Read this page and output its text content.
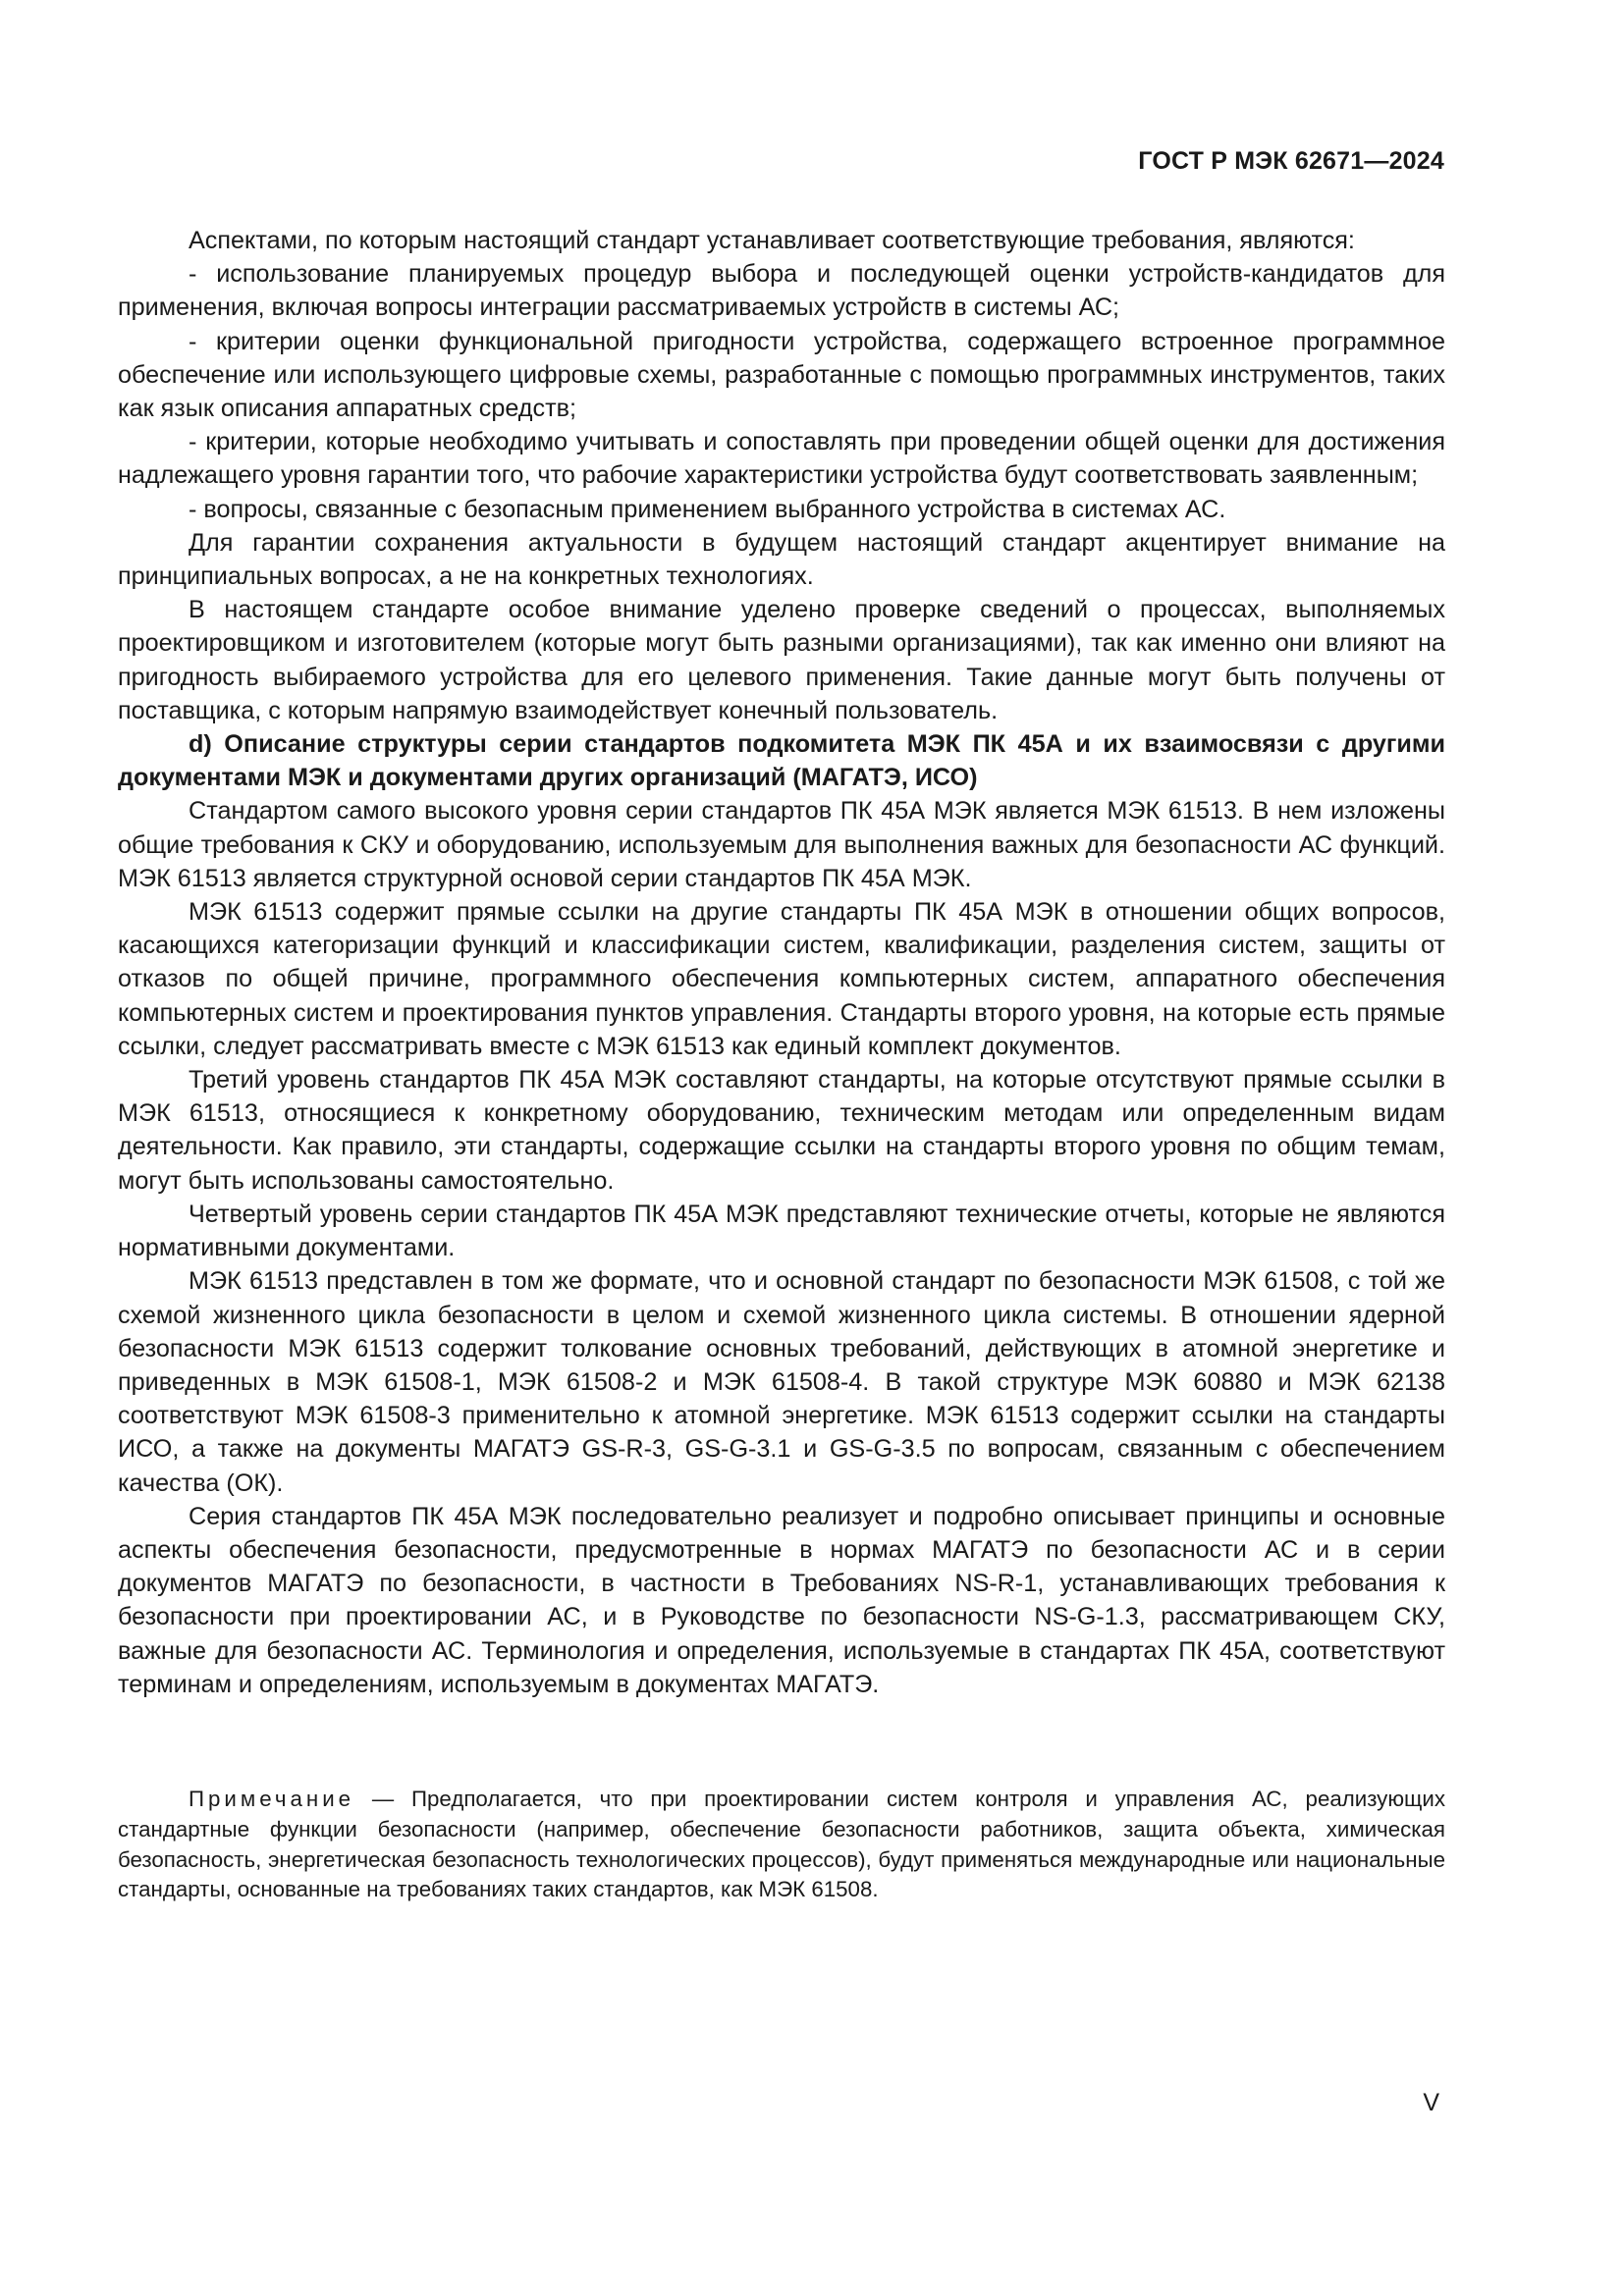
ГОСТ Р МЭК 62671—2024

Аспектами, по которым настоящий стандарт устанавливает соответствующие требования, являются:

- использование планируемых процедур выбора и последующей оценки устройств-кандидатов для применения, включая вопросы интеграции рассматриваемых устройств в системы АС;

- критерии оценки функциональной пригодности устройства, содержащего встроенное программное обеспечение или использующего цифровые схемы, разработанные с помощью программных инструментов, таких как язык описания аппаратных средств;

- критерии, которые необходимо учитывать и сопоставлять при проведении общей оценки для достижения надлежащего уровня гарантии того, что рабочие характеристики устройства будут соответствовать заявленным;

- вопросы, связанные с безопасным применением выбранного устройства в системах АС.

Для гарантии сохранения актуальности в будущем настоящий стандарт акцентирует внимание на принципиальных вопросах, а не на конкретных технологиях.

В настоящем стандарте особое внимание уделено проверке сведений о процессах, выполняемых проектировщиком и изготовителем (которые могут быть разными организациями), так как именно они влияют на пригодность выбираемого устройства для его целевого применения. Такие данные могут быть получены от поставщика, с которым напрямую взаимодействует конечный пользователь.

d) Описание структуры серии стандартов подкомитета МЭК ПК 45А и их взаимосвязи с другими документами МЭК и документами других организаций (МАГАТЭ, ИСО)

Стандартом самого высокого уровня серии стандартов ПК 45А МЭК является МЭК 61513. В нем изложены общие требования к СКУ и оборудованию, используемым для выполнения важных для безопасности АС функций. МЭК 61513 является структурной основой серии стандартов ПК 45А МЭК.

МЭК 61513 содержит прямые ссылки на другие стандарты ПК 45А МЭК в отношении общих вопросов, касающихся категоризации функций и классификации систем, квалификации, разделения систем, защиты от отказов по общей причине, программного обеспечения компьютерных систем, аппаратного обеспечения компьютерных систем и проектирования пунктов управления. Стандарты второго уровня, на которые есть прямые ссылки, следует рассматривать вместе с МЭК 61513 как единый комплект документов.

Третий уровень стандартов ПК 45А МЭК составляют стандарты, на которые отсутствуют прямые ссылки в МЭК 61513, относящиеся к конкретному оборудованию, техническим методам или определенным видам деятельности. Как правило, эти стандарты, содержащие ссылки на стандарты второго уровня по общим темам, могут быть использованы самостоятельно.

Четвертый уровень серии стандартов ПК 45А МЭК представляют технические отчеты, которые не являются нормативными документами.

МЭК 61513 представлен в том же формате, что и основной стандарт по безопасности МЭК 61508, с той же схемой жизненного цикла безопасности в целом и схемой жизненного цикла системы. В отношении ядерной безопасности МЭК 61513 содержит толкование основных требований, действующих в атомной энергетике и приведенных в МЭК 61508-1, МЭК 61508-2 и МЭК 61508-4. В такой структуре МЭК 60880 и МЭК 62138 соответствуют МЭК 61508-3 применительно к атомной энергетике. МЭК 61513 содержит ссылки на стандарты ИСО, а также на документы МАГАТЭ GS-R-3, GS-G-3.1 и GS-G-3.5 по вопросам, связанным с обеспечением качества (ОК).

Серия стандартов ПК 45А МЭК последовательно реализует и подробно описывает принципы и основные аспекты обеспечения безопасности, предусмотренные в нормах МАГАТЭ по безопасности АС и в серии документов МАГАТЭ по безопасности, в частности в Требованиях NS-R-1, устанавливающих требования к безопасности при проектировании АС, и в Руководстве по безопасности NS-G-1.3, рассматривающем СКУ, важные для безопасности АС. Терминология и определения, используемые в стандартах ПК 45А, соответствуют терминам и определениям, используемым в документах МАГАТЭ.

Примечание — Предполагается, что при проектировании систем контроля и управления АС, реализующих стандартные функции безопасности (например, обеспечение безопасности работников, защита объекта, химическая безопасность, энергетическая безопасность технологических процессов), будут применяться международные или национальные стандарты, основанные на требованиях таких стандартов, как МЭК 61508.
V
